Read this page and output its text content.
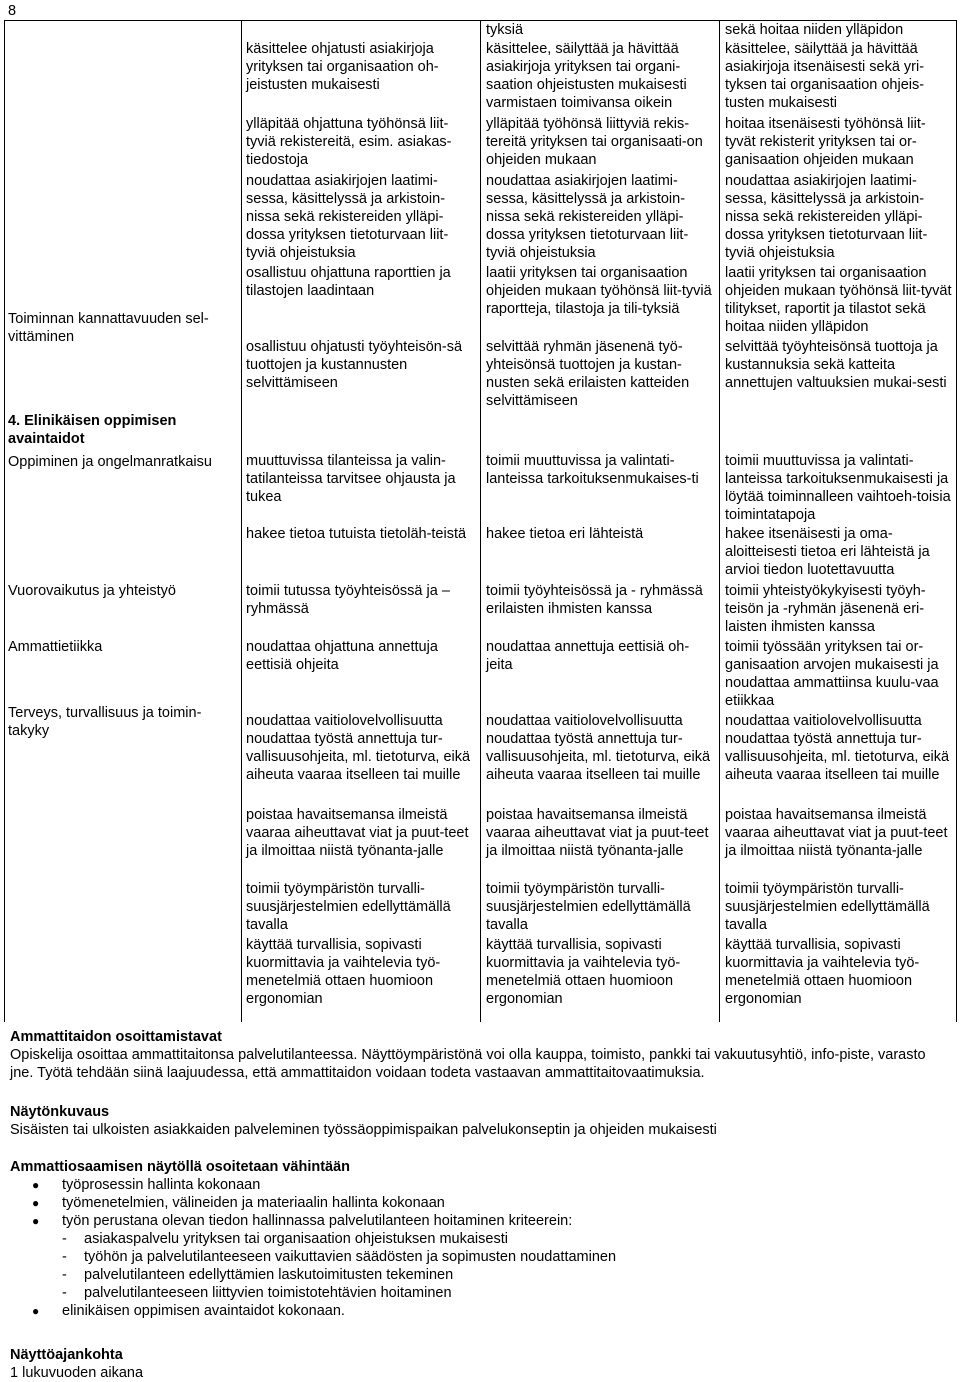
8

Toiminnan kannattavuuden sel-vittäminen

4. Elinikäisen oppimisen avaintaidot

Oppiminen ja ongelmanratkaisu

Vuorovaikutus ja yhteistyö

Ammattietiikka

Terveys, turvallisuus ja toimin-takyky

käsittelee ohjatusti asiakirjoja yrityksen tai organisaation oh-jeistusten mukaisesti

ylläpitää ohjattuna työhönsä liit-tyviä rekistereitä, esim. asiakas-tiedostoja

noudattaa asiakirjojen laatimi-sessa, käsittelyssä ja arkistoin-nissa sekä rekistereiden ylläpi-dossa yrityksen tietoturvaan liit-tyviä ohjeistuksia

osallistuu ohjattuna raporttien ja tilastojen laadintaan

osallistuu ohjatusti työyhteisön-sä tuottojen ja kustannusten selvittämiseen

muuttuvissa tilanteissa ja valin-tatilanteissa tarvitsee ohjausta ja tukea

hakee tietoa tutuista tietoläh-teistä

toimii tutussa työyhteisössä ja – ryhmässä

noudattaa ohjattuna annettuja eettisiä ohjeita

noudattaa vaitiolovelvollisuutta

noudattaa työstä annettuja tur-vallisuusohjeita, ml. tietoturva, eikä aiheuta vaaraa itselleen tai muille

poistaa havaitsemansa ilmeistä vaaraa aiheuttavat viat ja puut-teet ja ilmoittaa niistä työnanta-jalle

toimii työympäristön turvalli-suusjärjestelmien edellyttämällä tavalla

käyttää turvallisia, sopivasti kuormittavia ja vaihtelevia työ-menetelmiä ottaen huomioon ergonomian

tyksiä

käsittelee, säilyttää ja hävittää asiakirjoja yrityksen tai organi-saation ohjeistusten mukaisesti varmistaen toimivansa oikein

ylläpitää työhönsä liittyviä rekis-tereitä yrityksen tai organisaati-on ohjeiden mukaan

noudattaa asiakirjojen laatimi-sessa, käsittelyssä ja arkistoin-nissa sekä rekistereiden ylläpi-dossa yrityksen tietoturvaan liit-tyviä ohjeistuksia

laatii yrityksen tai organisaation ohjeiden mukaan työhönsä liit-tyviä raportteja, tilastoja ja tili-tyksiä

selvittää ryhmän jäsenenä työ-yhteisönsä tuottojen ja kustan-nusten sekä erilaisten katteiden selvittämiseen

toimii muuttuvissa ja valintati-lanteissa tarkoituksenmukaises-ti

hakee tietoa eri lähteistä

toimii työyhteisössä ja - ryhmässä erilaisten ihmisten kanssa

noudattaa annettuja eettisiä oh-jeita

noudattaa vaitiolovelvollisuutta

noudattaa työstä annettuja tur-vallisuusohjeita, ml. tietoturva, eikä aiheuta vaaraa itselleen tai muille

poistaa havaitsemansa ilmeistä vaaraa aiheuttavat viat ja puut-teet ja ilmoittaa niistä työnanta-jalle

toimii työympäristön turvalli-suusjärjestelmien edellyttämällä tavalla

käyttää turvallisia, sopivasti kuormittavia ja vaihtelevia työ-menetelmiä ottaen huomioon ergonomian

sekä hoitaa niiden ylläpidon

käsittelee, säilyttää ja hävittää asiakirjoja itsenäisesti sekä yri-tyksen tai organisaation ohjeis-tusten mukaisesti

hoitaa itsenäisesti työhönsä liit-tyvät rekisterit yrityksen tai or-ganisaation ohjeiden mukaan

noudattaa asiakirjojen laatimi-sessa, käsittelyssä ja arkistoin-nissa sekä rekistereiden ylläpi-dossa yrityksen tietoturvaan liit-tyviä ohjeistuksia

laatii yrityksen tai organisaation ohjeiden mukaan työhönsä liit-tyvät tilitykset, raportit ja tilastot sekä hoitaa niiden ylläpidon

selvittää työyhteisönsä tuottoja ja kustannuksia sekä katteita annettujen valtuuksien mukai-sesti

toimii muuttuvissa ja valintati-lanteissa tarkoituksenmukaisesti ja löytää toiminnalleen vaihtoeh-toisia toimintatapoja

hakee itsenäisesti ja oma-aloitteisesti tietoa eri lähteistä ja arvioi tiedon luotettavuutta

toimii yhteistyökykyisesti työyh-teisön ja -ryhmän jäsenenä eri-laisten ihmisten kanssa

toimii työssään yrityksen tai or-ganisaation arvojen mukaisesti ja noudattaa ammattiinsa kuulu-vaa etiikkaa

noudattaa vaitiolovelvollisuutta

noudattaa työstä annettuja tur-vallisuusohjeita, ml. tietoturva, eikä aiheuta vaaraa itselleen tai muille

poistaa havaitsemansa ilmeistä vaaraa aiheuttavat viat ja puut-teet ja ilmoittaa niistä työnanta-jalle

toimii työympäristön turvalli-suusjärjestelmien edellyttämällä tavalla

käyttää turvallisia, sopivasti kuormittavia ja vaihtelevia työ-menetelmiä ottaen huomioon ergonomian

Ammattitaidon osoittamistavat

Opiskelija osoittaa ammattitaitonsa palvelutilanteessa. Näyttöympäristönä voi olla kauppa, toimisto, pankki tai vakuutusyhtiö, info-piste, varasto jne. Työtä tehdään siinä laajuudessa, että ammattitaidon voidaan todeta vastaavan ammattitaitovaatimuksia.

Näytönkuvaus

Sisäisten tai ulkoisten asiakkaiden palveleminen työssäoppimispaikan palvelukonseptin ja ohjeiden mukaisesti

Ammattiosaamisen näytöllä osoitetaan vähintään
● työprosessin hallinta kokonaan
● työmenetelmien, välineiden ja materiaalin hallinta kokonaan
● työn perustana olevan tiedon hallinnassa palvelutilanteen hoitaminen kriteerein:
- asiakaspalvelu yrityksen tai organisaation ohjeistuksen mukaisesti
- työhön ja palvelutilanteeseen vaikuttavien säädösten ja sopimusten noudattaminen
- palvelutilanteen edellyttämien laskutoimitusten tekeminen
- palvelutilanteeseen liittyvien toimistotehtävien hoitaminen
● elinikäisen oppimisen avaintaidot kokonaan.
Näyttöajankohta

1 lukuvuoden aikana
